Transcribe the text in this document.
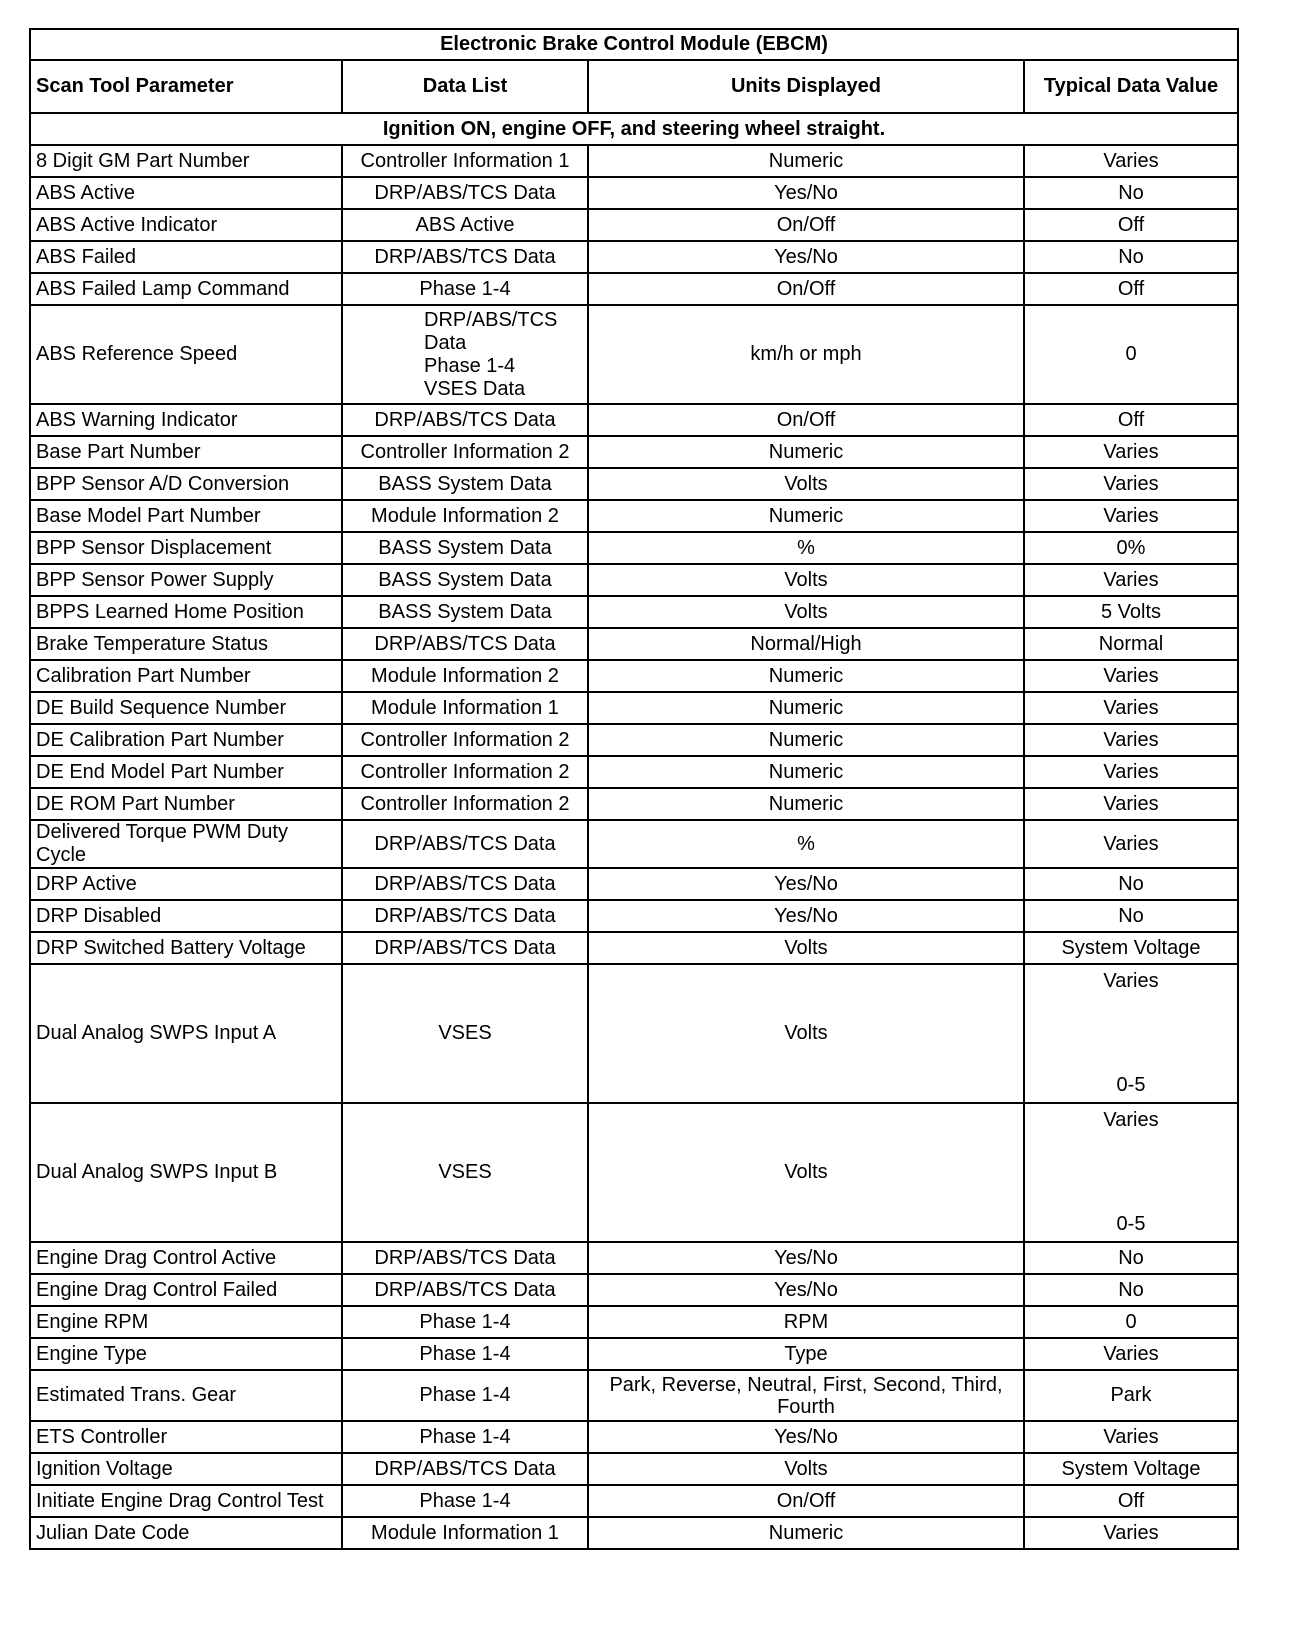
Electronic Brake Control Module (EBCM)			
Scan Tool Parameter	Data List	Units Displayed	Typical Data Value
Ignition ON, engine OFF, and steering wheel straight.			
8 Digit GM Part Number	Controller Information 1	Numeric	Varies
ABS Active	DRP/ABS/TCS Data	Yes/No	No
ABS Active Indicator	ABS Active	On/Off	Off
ABS Failed	DRP/ABS/TCS Data	Yes/No	No
ABS Failed Lamp Command	Phase 1-4	On/Off	Off
ABS Reference Speed	DRP/ABS/TCS
Data
Phase 1-4
VSES Data	km/h or mph	0
ABS Warning Indicator	DRP/ABS/TCS Data	On/Off	Off
Base Part Number	Controller Information 2	Numeric	Varies
BPP Sensor A/D Conversion	BASS System Data	Volts	Varies
Base Model Part Number	Module Information 2	Numeric	Varies
BPP Sensor Displacement	BASS System Data	%	0%
BPP Sensor Power Supply	BASS System Data	Volts	Varies
BPPS Learned Home Position	BASS System Data	Volts	5 Volts
Brake Temperature Status	DRP/ABS/TCS Data	Normal/High	Normal
Calibration Part Number	Module Information 2	Numeric	Varies
DE Build Sequence Number	Module Information 1	Numeric	Varies
DE Calibration Part Number	Controller Information 2	Numeric	Varies
DE End Model Part Number	Controller Information 2	Numeric	Varies
DE ROM Part Number	Controller Information 2	Numeric	Varies
Delivered Torque PWM Duty Cycle	DRP/ABS/TCS Data	%	Varies
DRP Active	DRP/ABS/TCS Data	Yes/No	No
DRP Disabled	DRP/ABS/TCS Data	Yes/No	No
DRP Switched Battery Voltage	DRP/ABS/TCS Data	Volts	System Voltage
Dual Analog SWPS Input A	VSES	Volts	Varies
0-5

Dual Analog SWPS Input B	VSES	Volts	Varies
0-5

Engine Drag Control Active	DRP/ABS/TCS Data	Yes/No	No
Engine Drag Control Failed	DRP/ABS/TCS Data	Yes/No	No
Engine RPM	Phase 1-4	RPM	0
Engine Type	Phase 1-4	Type	Varies
Estimated Trans. Gear	Phase 1-4	Park, Reverse, Neutral, First, Second, Third, Fourth	Park
ETS Controller	Phase 1-4	Yes/No	Varies
Ignition Voltage	DRP/ABS/TCS Data	Volts	System Voltage
Initiate Engine Drag Control Test	Phase 1-4	On/Off	Off
Julian Date Code	Module Information 1	Numeric	Varies
